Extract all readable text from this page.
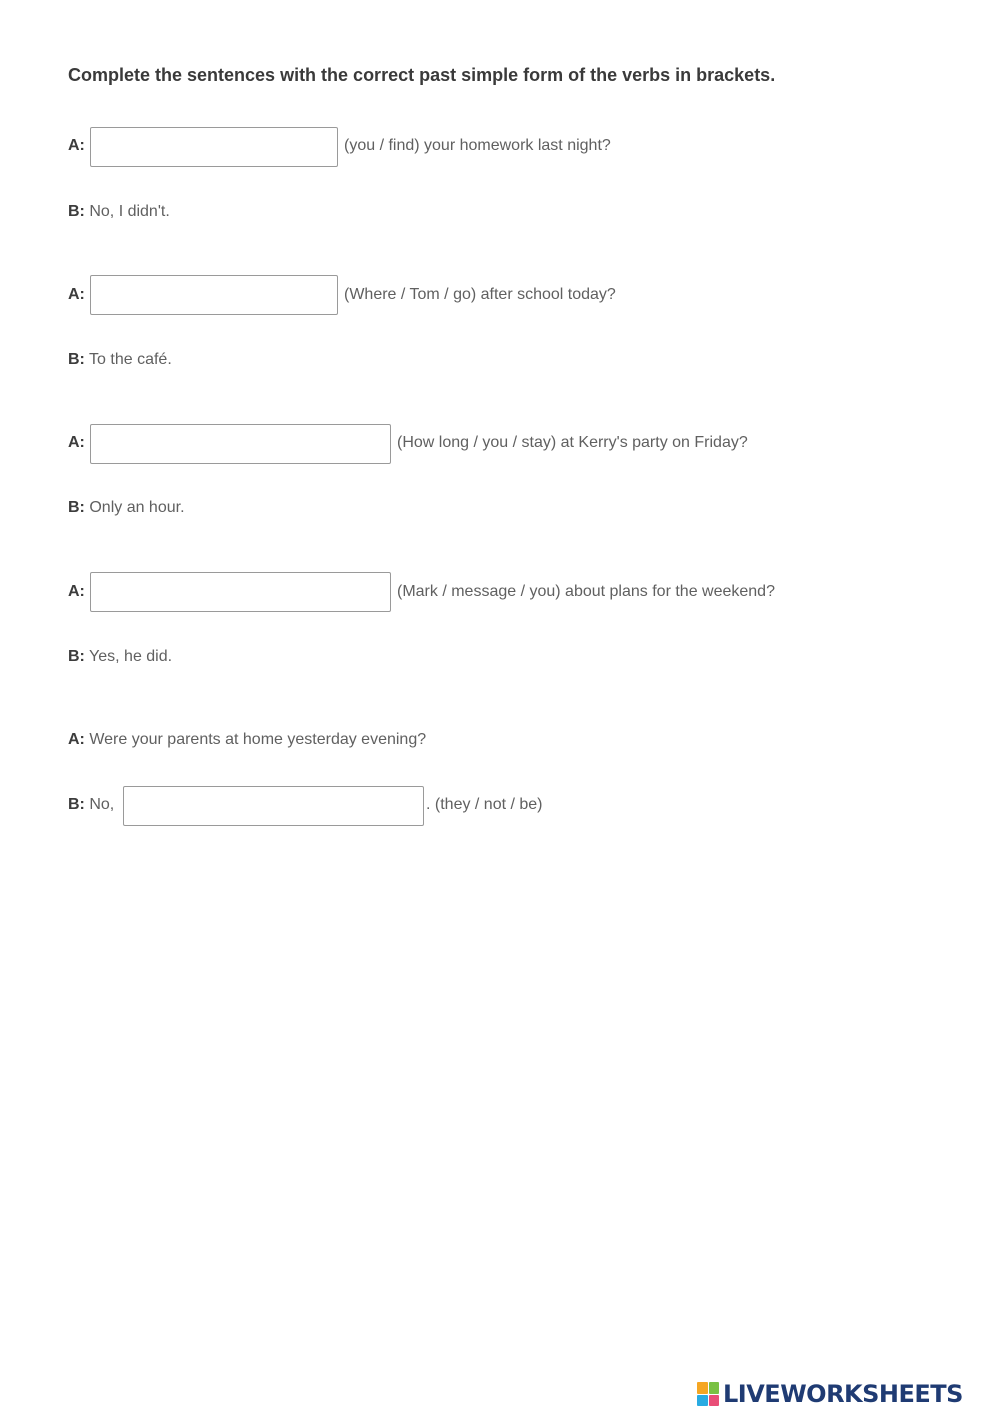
Complete the sentences with the correct past simple form of the verbs in brackets.

A:	(you / find) your homework last night?
B: No, I didn't.
A:	(Where / Tom / go) after school today?
B: To the café.
A:	(How long / you / stay) at Kerry's party on Friday?
B: Only an hour.
A:	(Mark / message / you) about plans for the weekend?
B: Yes, he did.
A: Were your parents at home yesterday evening?
B: No,	. (they / not / be)
LIVEWORKSHEETS
